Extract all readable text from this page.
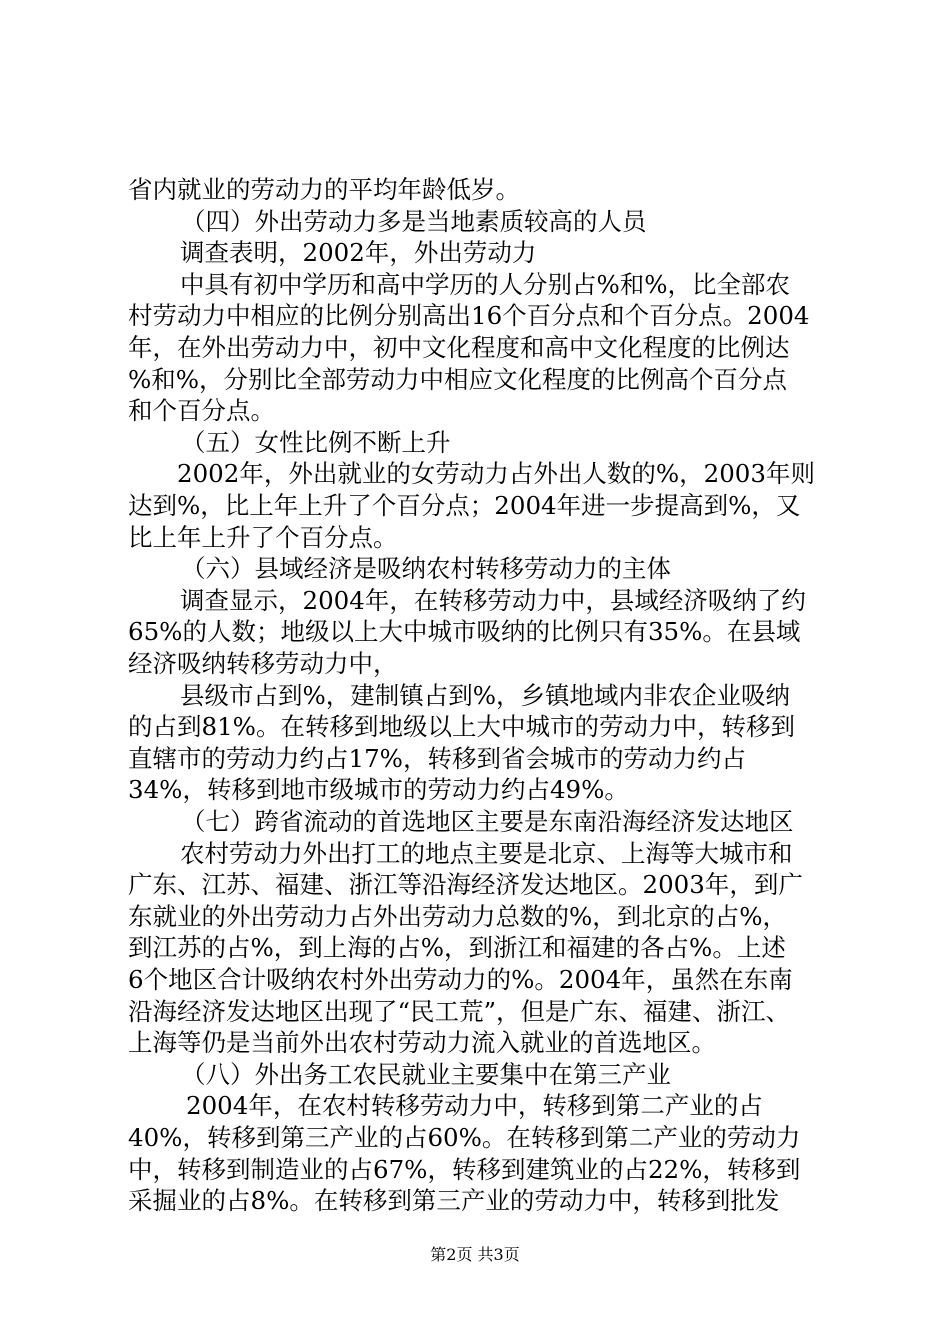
省内就业的劳动力的平均年龄低岁。
（四）外出劳动力多是当地素质较高的人员
调查表明，2002年，外出劳动力
中具有初中学历和高中学历的人分别占%和%，比全部农
村劳动力中相应的比例分别高出16个百分点和个百分点。2004
年，在外出劳动力中，初中文化程度和高中文化程度的比例达
%和%，分别比全部劳动力中相应文化程度的比例高个百分点
和个百分点。
（五）女性比例不断上升
2002年，外出就业的女劳动力占外出人数的%，2003年则
达到%，比上年上升了个百分点；2004年进一步提高到%，又
比上年上升了个百分点。
（六）县域经济是吸纳农村转移劳动力的主体
调查显示，2004年，在转移劳动力中，县域经济吸纳了约
65%的人数；地级以上大中城市吸纳的比例只有35%。在县域
经济吸纳转移劳动力中，
县级市占到%，建制镇占到%，乡镇地域内非农企业吸纳
的占到81%。在转移到地级以上大中城市的劳动力中，转移到
直辖市的劳动力约占17%，转移到省会城市的劳动力约占
34%，转移到地市级城市的劳动力约占49%。
（七）跨省流动的首选地区主要是东南沿海经济发达地区
农村劳动力外出打工的地点主要是北京、上海等大城市和
广东、江苏、福建、浙江等沿海经济发达地区。2003年，到广
东就业的外出劳动力占外出劳动力总数的%，到北京的占%，
到江苏的占%，到上海的占%，到浙江和福建的各占%。上述
6个地区合计吸纳农村外出劳动力的%。2004年，虽然在东南
沿海经济发达地区出现了“民工荒”，但是广东、福建、浙江、
上海等仍是当前外出农村劳动力流入就业的首选地区。
（八）外出务工农民就业主要集中在第三产业
2004年，在农村转移劳动力中，转移到第二产业的占
40%，转移到第三产业的占60%。在转移到第二产业的劳动力
中，转移到制造业的占67%，转移到建筑业的占22%，转移到
采掘业的占8%。在转移到第三产业的劳动力中，转移到批发
第2页 共3页
